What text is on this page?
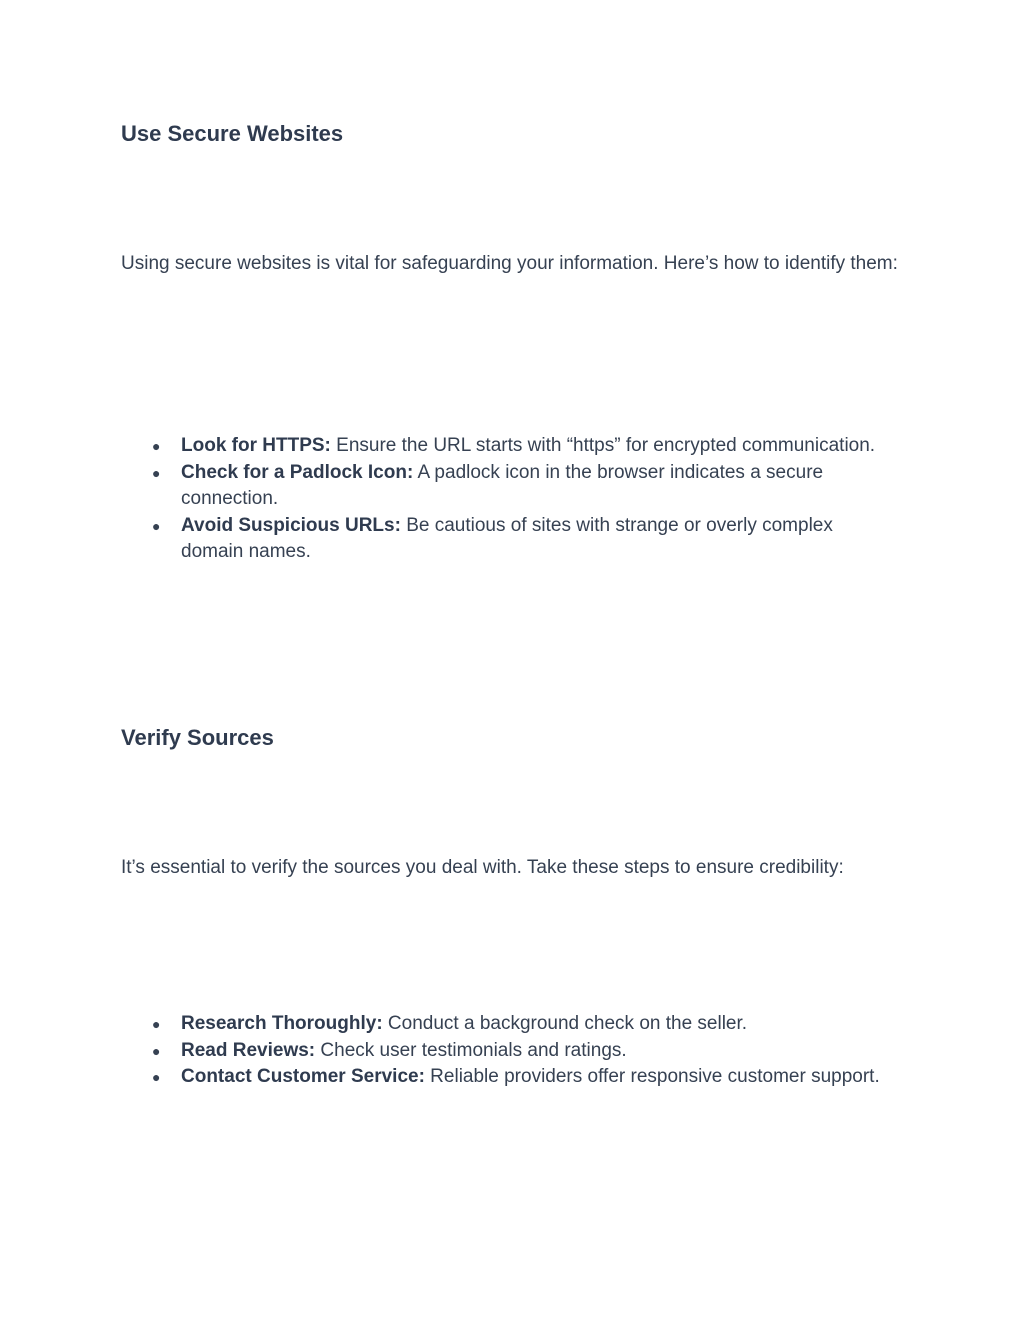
Use Secure Websites

Using secure websites is vital for safeguarding your information. Here’s how to identify them:

● Look for HTTPS: Ensure the URL starts with “https” for encrypted communication.
● Check for a Padlock Icon: A padlock icon in the browser indicates a secure connection.
● Avoid Suspicious URLs: Be cautious of sites with strange or overly complex domain names.
Verify Sources

It’s essential to verify the sources you deal with. Take these steps to ensure credibility:

● Research Thoroughly: Conduct a background check on the seller.
● Read Reviews: Check user testimonials and ratings.
● Contact Customer Service: Reliable providers offer responsive customer support.
